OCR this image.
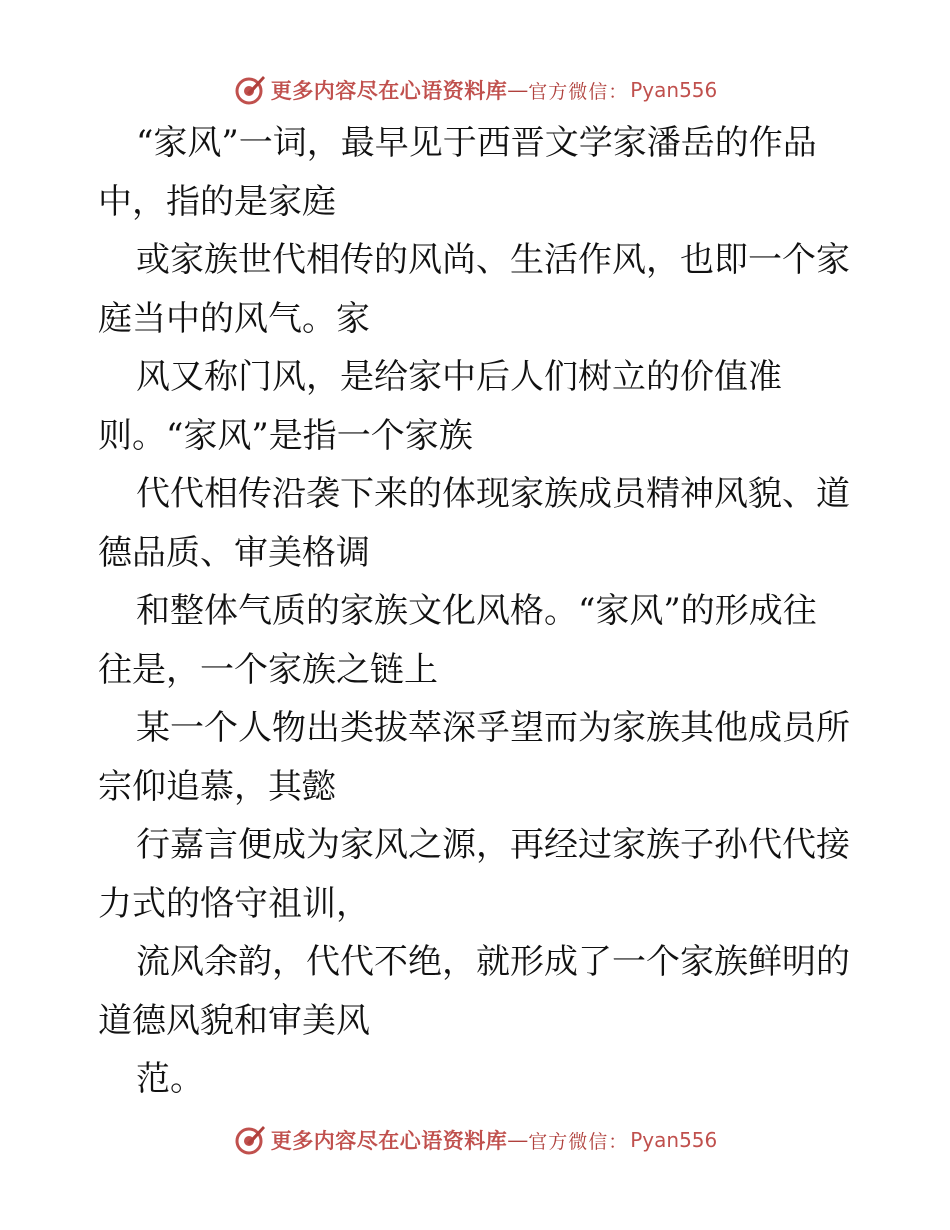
更多内容尽在心语资料库 — 官方微信： Pyan556

“家风”一词，最早见于西晋文学家潘岳的作品
中，指的是家庭

或家族世代相传的风尚、生活作风，也即一个家
庭当中的风气。家

风又称门风，是给家中后人们树立的价值准
则。“家风”是指一个家族

代代相传沿袭下来的体现家族成员精神风貌、道
德品质、审美格调

和整体气质的家族文化风格。“家风”的形成往
往是，一个家族之链上

某一个人物出类拔萃深孚望而为家族其他成员所
宗仰追慕，其懿

行嘉言便成为家风之源，再经过家族子孙代代接
力式的恪守祖训，

流风余韵，代代不绝，就形成了一个家族鲜明的
道德风貌和审美风

范。

更多内容尽在心语资料库 — 官方微信： Pyan556
